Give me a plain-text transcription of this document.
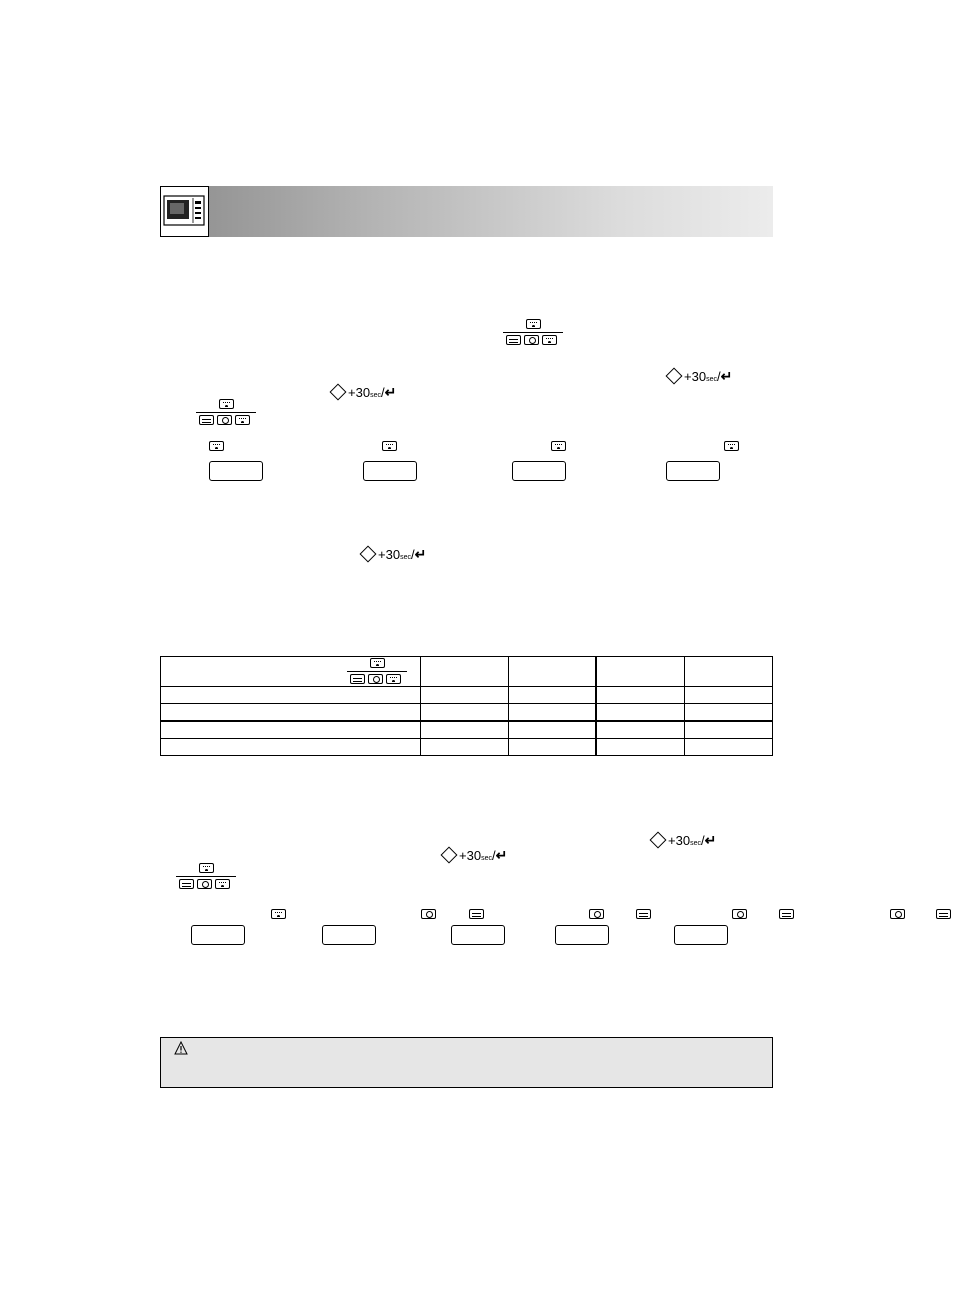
+30sec/↵
+30sec/↵

+30sec/↵

+30sec/↵
+30sec/↵
